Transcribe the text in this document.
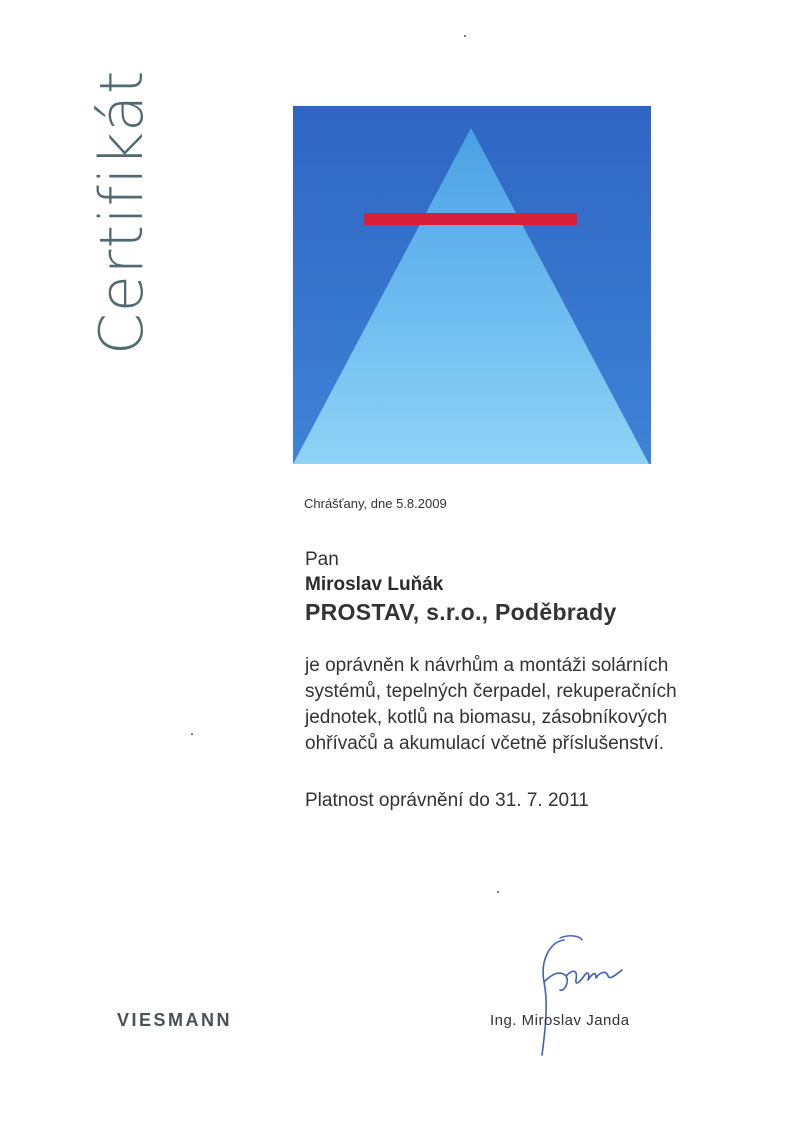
Certifikát
Chrášťany, dne 5.8.2009
Pan
Miroslav Luňák
PROSTAV, s.r.o., Poděbrady
je oprávněn k návrhům a montáži solárních
systémů, tepelných čerpadel, rekuperačních
jednotek, kotlů na biomasu, zásobníkových
ohřívačů a akumulací včetně příslušenství.
Platnost oprávnění do 31. 7. 2011
VIESMANN	Ing. Miroslav Janda
